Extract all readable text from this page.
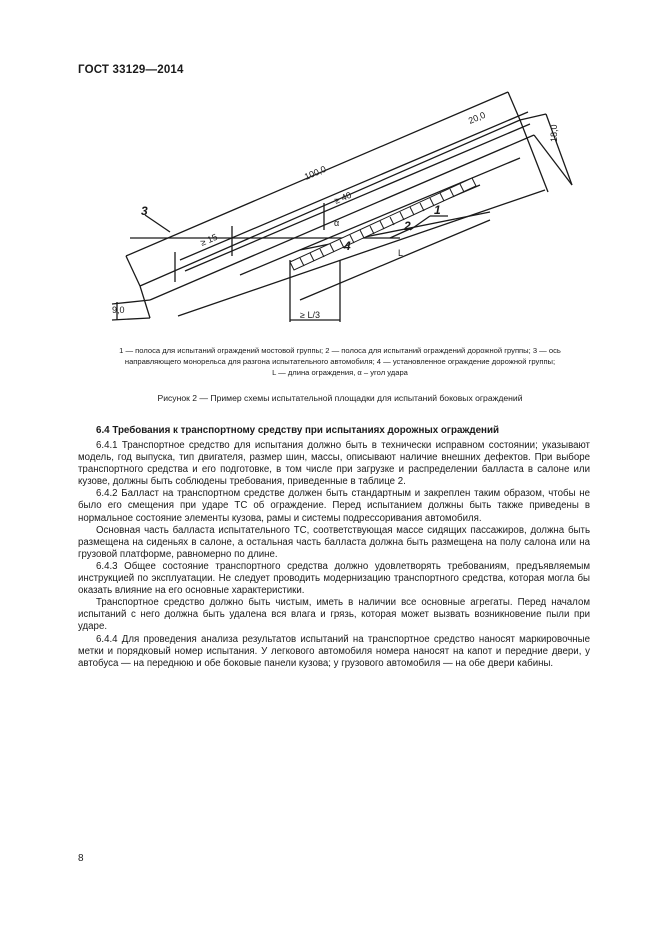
ГОСТ 33129—2014
100,0
≥ 40
20,0
18,0
9,0
≥ 15
L
≥ L/3
α
1
2
3
4
1 — полоса для испытаний ограждений мостовой группы; 2 — полоса для испытаний ограждений дорожной группы; 3 — ось
направляющего монорельса для разгона испытательного автомобиля; 4 — установленное ограждение дорожной группы;
L — длина ограждения, α – угол удара
Рисунок 2 — Пример схемы испытательной площадки для испытаний боковых ограждений
6.4 Требования к транспортному средству при испытаниях дорожных ограждений

6.4.1 Транспортное средство для испытания должно быть в технически исправном состоянии; указывают модель, год выпуска, тип двигателя, размер шин, массы, описывают наличие внешних дефектов. При выборе транспортного средства и его подготовке, в том числе при загрузке и распределении балласта в салоне или кузове, должны быть соблюдены требования, приведенные в таблице 2.

6.4.2 Балласт на транспортном средстве должен быть стандартным и закреплен таким образом, чтобы не было его смещения при ударе ТС об ограждение. Перед испытанием должны быть также приведены в нормальное состояние элементы кузова, рамы и системы подрессоривания автомобиля.

Основная часть балласта испытательного ТС, соответствующая массе сидящих пассажиров, должна быть размещена на сиденьях в салоне, а остальная часть балласта должна быть размещена на полу салона или на грузовой платформе, равномерно по длине.

6.4.3 Общее состояние транспортного средства должно удовлетворять требованиям, предъявляемым инструкцией по эксплуатации. Не следует проводить модернизацию транспортного средства, которая могла бы оказать влияние на его основные характеристики.

Транспортное средство должно быть чистым, иметь в наличии все основные агрегаты. Перед началом испытаний с него должна быть удалена вся влага и грязь, которая может вызвать возникновение пыли при ударе.

6.4.4 Для проведения анализа результатов испытаний на транспортное средство наносят маркировочные метки и порядковый номер испытания. У легкового автомобиля номера наносят на капот и передние двери, у автобуса — на переднюю и обе боковые панели кузова; у грузового автомобиля — на обе двери кабины.

8
